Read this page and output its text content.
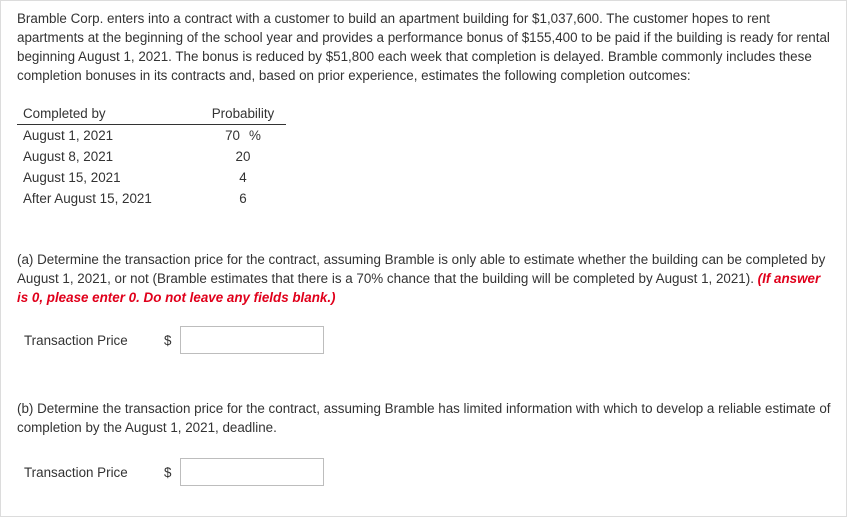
Bramble Corp. enters into a contract with a customer to build an apartment building for $1,037,600. The customer hopes to rent apartments at the beginning of the school year and provides a performance bonus of $155,400 to be paid if the building is ready for rental beginning August 1, 2021. The bonus is reduced by $51,800 each week that completion is delayed. Bramble commonly includes these completion bonuses in its contracts and, based on prior experience, estimates the following completion outcomes:

Completed by		Probability
August 1, 2021		70 %
August 8, 2021		20
August 15, 2021		4
After August 15, 2021		6

(a) Determine the transaction price for the contract, assuming Bramble is only able to estimate whether the building can be completed by August 1, 2021, or not (Bramble estimates that there is a 70% chance that the building will be completed by August 1, 2021). (If answer is 0, please enter 0. Do not leave any fields blank.)

Transaction Price	$

(b) Determine the transaction price for the contract, assuming Bramble has limited information with which to develop a reliable estimate of completion by the August 1, 2021, deadline.

Transaction Price	$
